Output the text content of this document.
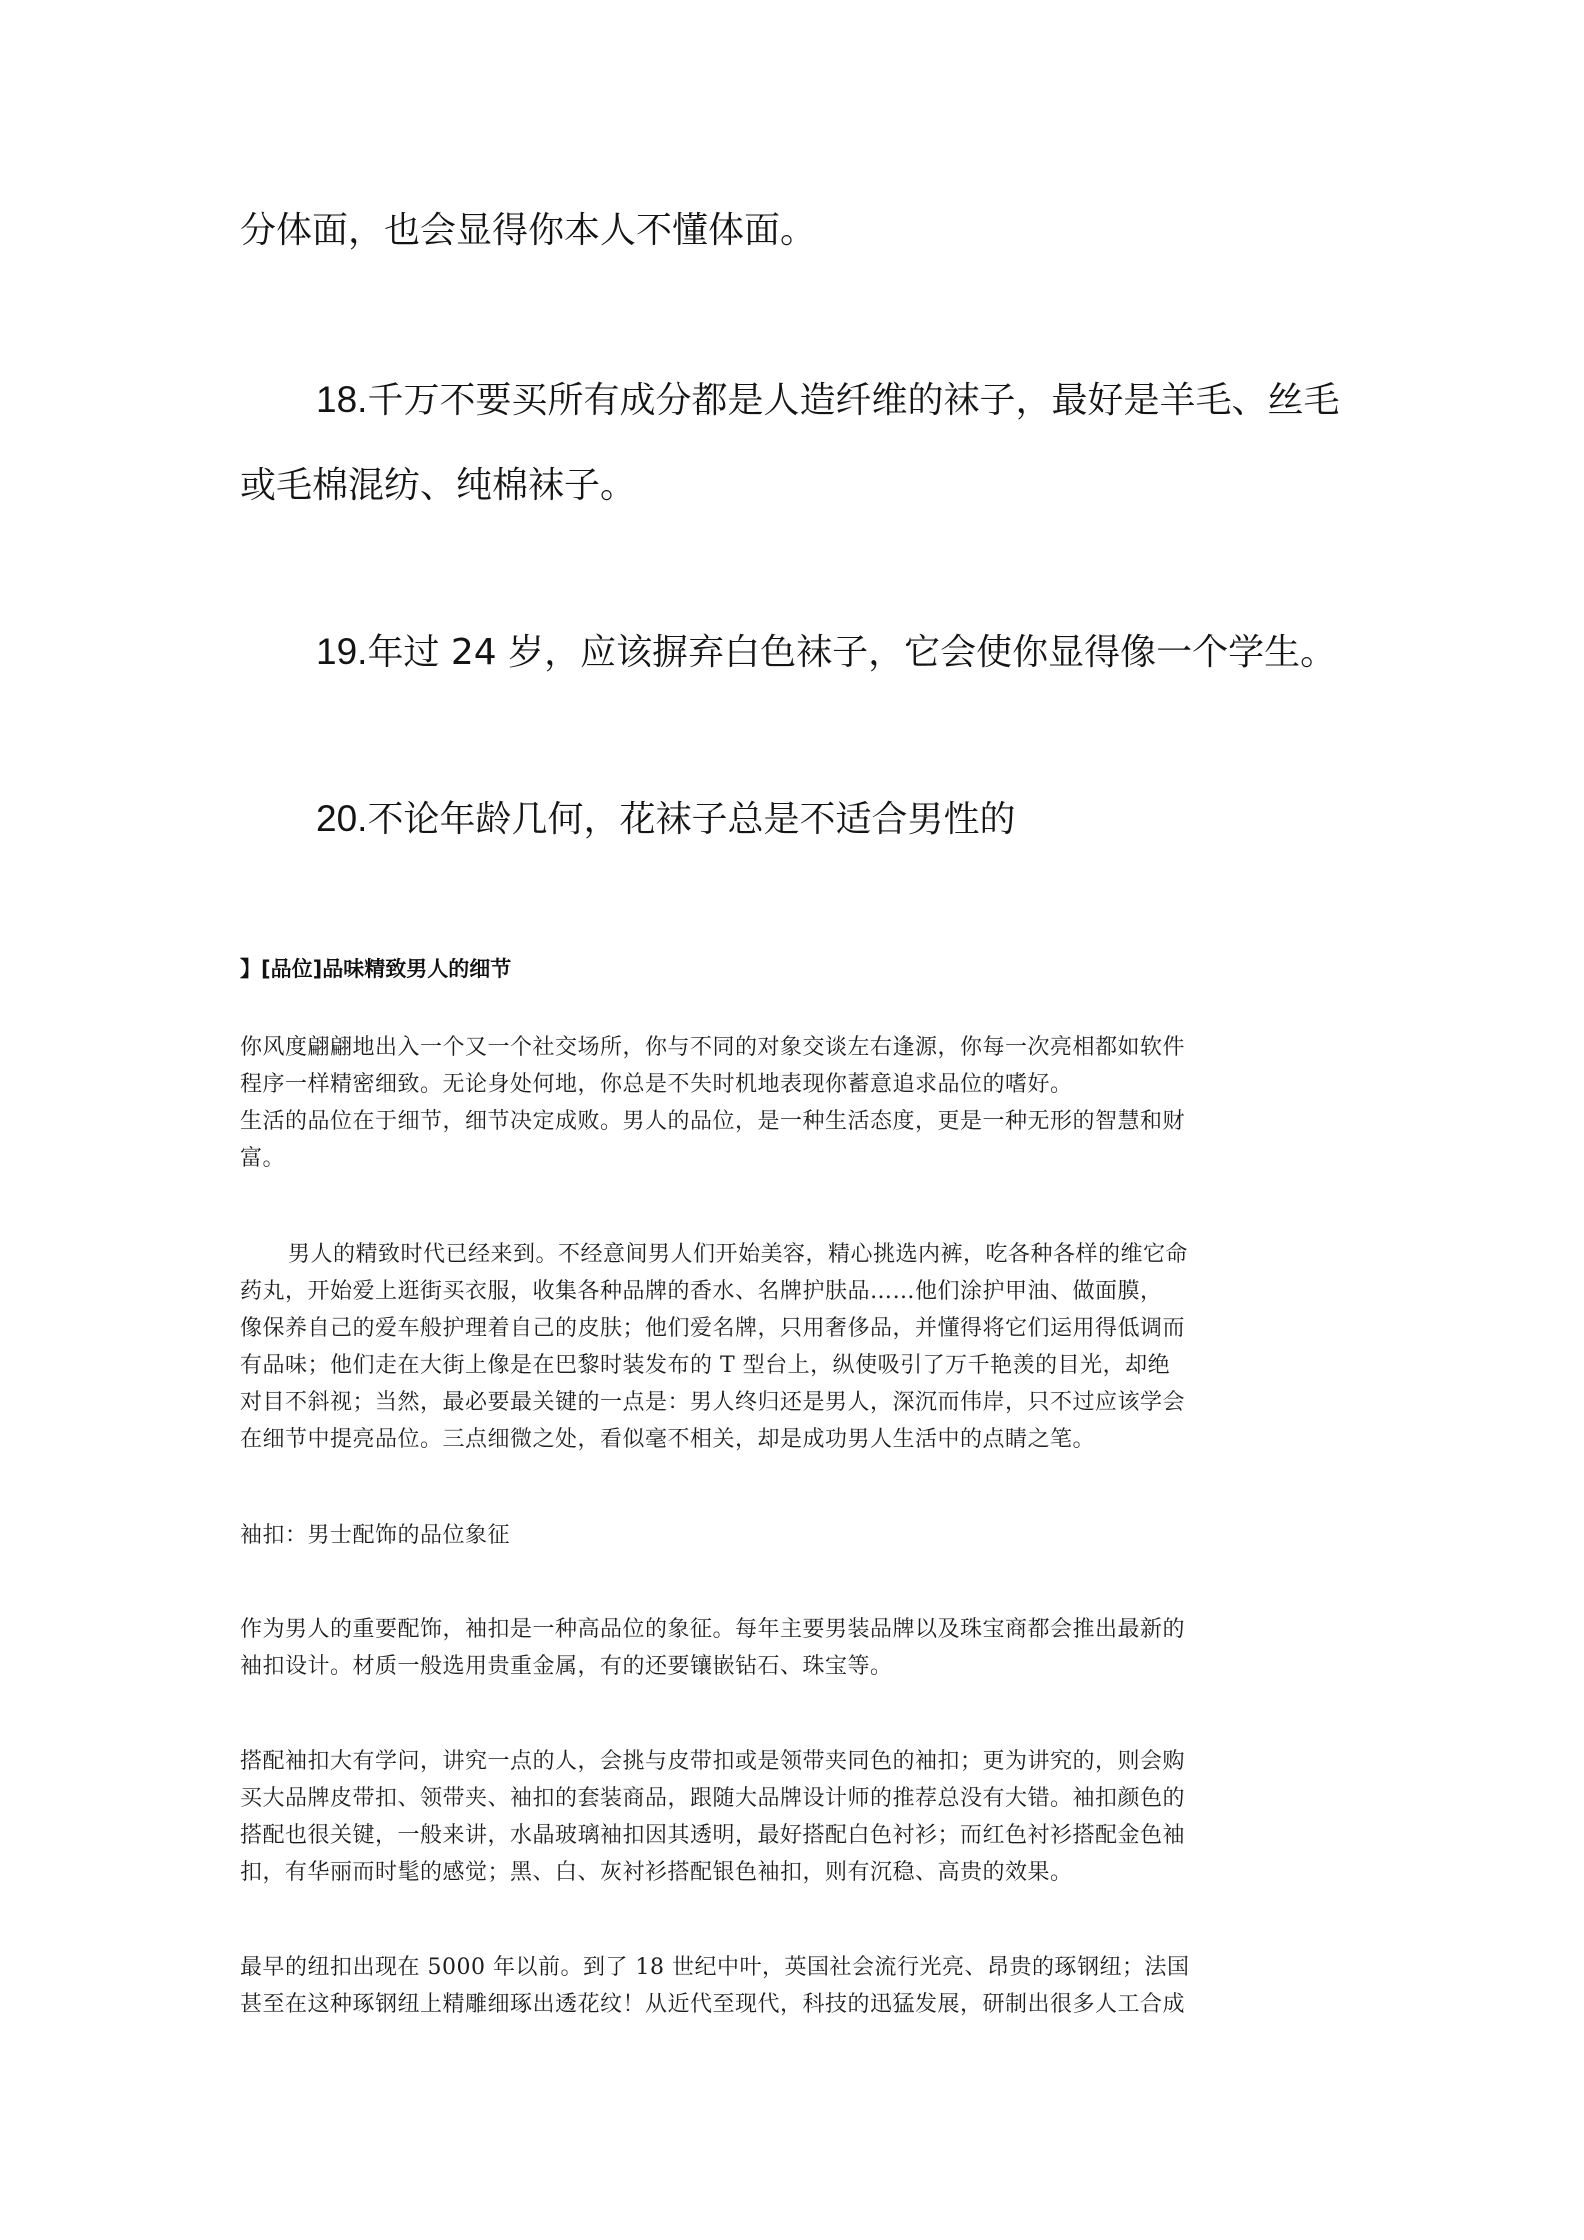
分体面，也会显得你本人不懂体面。
18.千万不要买所有成分都是人造纤维的袜子，最好是羊毛、丝毛
或毛棉混纺、纯棉袜子。
19.年过 24 岁，应该摒弃白色袜子，它会使你显得像一个学生。
20.不论年龄几何，花袜子总是不适合男性的
】[品位]品味精致男人的细节
你风度翩翩地出入一个又一个社交场所，你与不同的对象交谈左右逢源，你每一次亮相都如软件
程序一样精密细致。无论身处何地，你总是不失时机地表现你蓄意追求品位的嗜好。
生活的品位在于细节，细节决定成败。男人的品位，是一种生活态度，更是一种无形的智慧和财
富。
男人的精致时代已经来到。不经意间男人们开始美容，精心挑选内裤，吃各种各样的维它命
药丸，开始爱上逛街买衣服，收集各种品牌的香水、名牌护肤品……他们涂护甲油、做面膜，
像保养自己的爱车般护理着自己的皮肤；他们爱名牌，只用奢侈品，并懂得将它们运用得低调而
有品味；他们走在大街上像是在巴黎时装发布的 T 型台上，纵使吸引了万千艳羡的目光，却绝
对目不斜视；当然，最必要最关键的一点是：男人终归还是男人，深沉而伟岸，只不过应该学会
在细节中提亮品位。三点细微之处，看似毫不相关，却是成功男人生活中的点睛之笔。
袖扣：男士配饰的品位象征
作为男人的重要配饰，袖扣是一种高品位的象征。每年主要男装品牌以及珠宝商都会推出最新的
袖扣设计。材质一般选用贵重金属，有的还要镶嵌钻石、珠宝等。
搭配袖扣大有学问，讲究一点的人，会挑与皮带扣或是领带夹同色的袖扣；更为讲究的，则会购
买大品牌皮带扣、领带夹、袖扣的套装商品，跟随大品牌设计师的推荐总没有大错。袖扣颜色的
搭配也很关键，一般来讲，水晶玻璃袖扣因其透明，最好搭配白色衬衫；而红色衬衫搭配金色袖
扣，有华丽而时髦的感觉；黑、白、灰衬衫搭配银色袖扣，则有沉稳、高贵的效果。
最早的纽扣出现在 5000 年以前。到了 18 世纪中叶，英国社会流行光亮、昂贵的琢钢纽；法国
甚至在这种琢钢纽上精雕细琢出透花纹！从近代至现代，科技的迅猛发展，研制出很多人工合成
